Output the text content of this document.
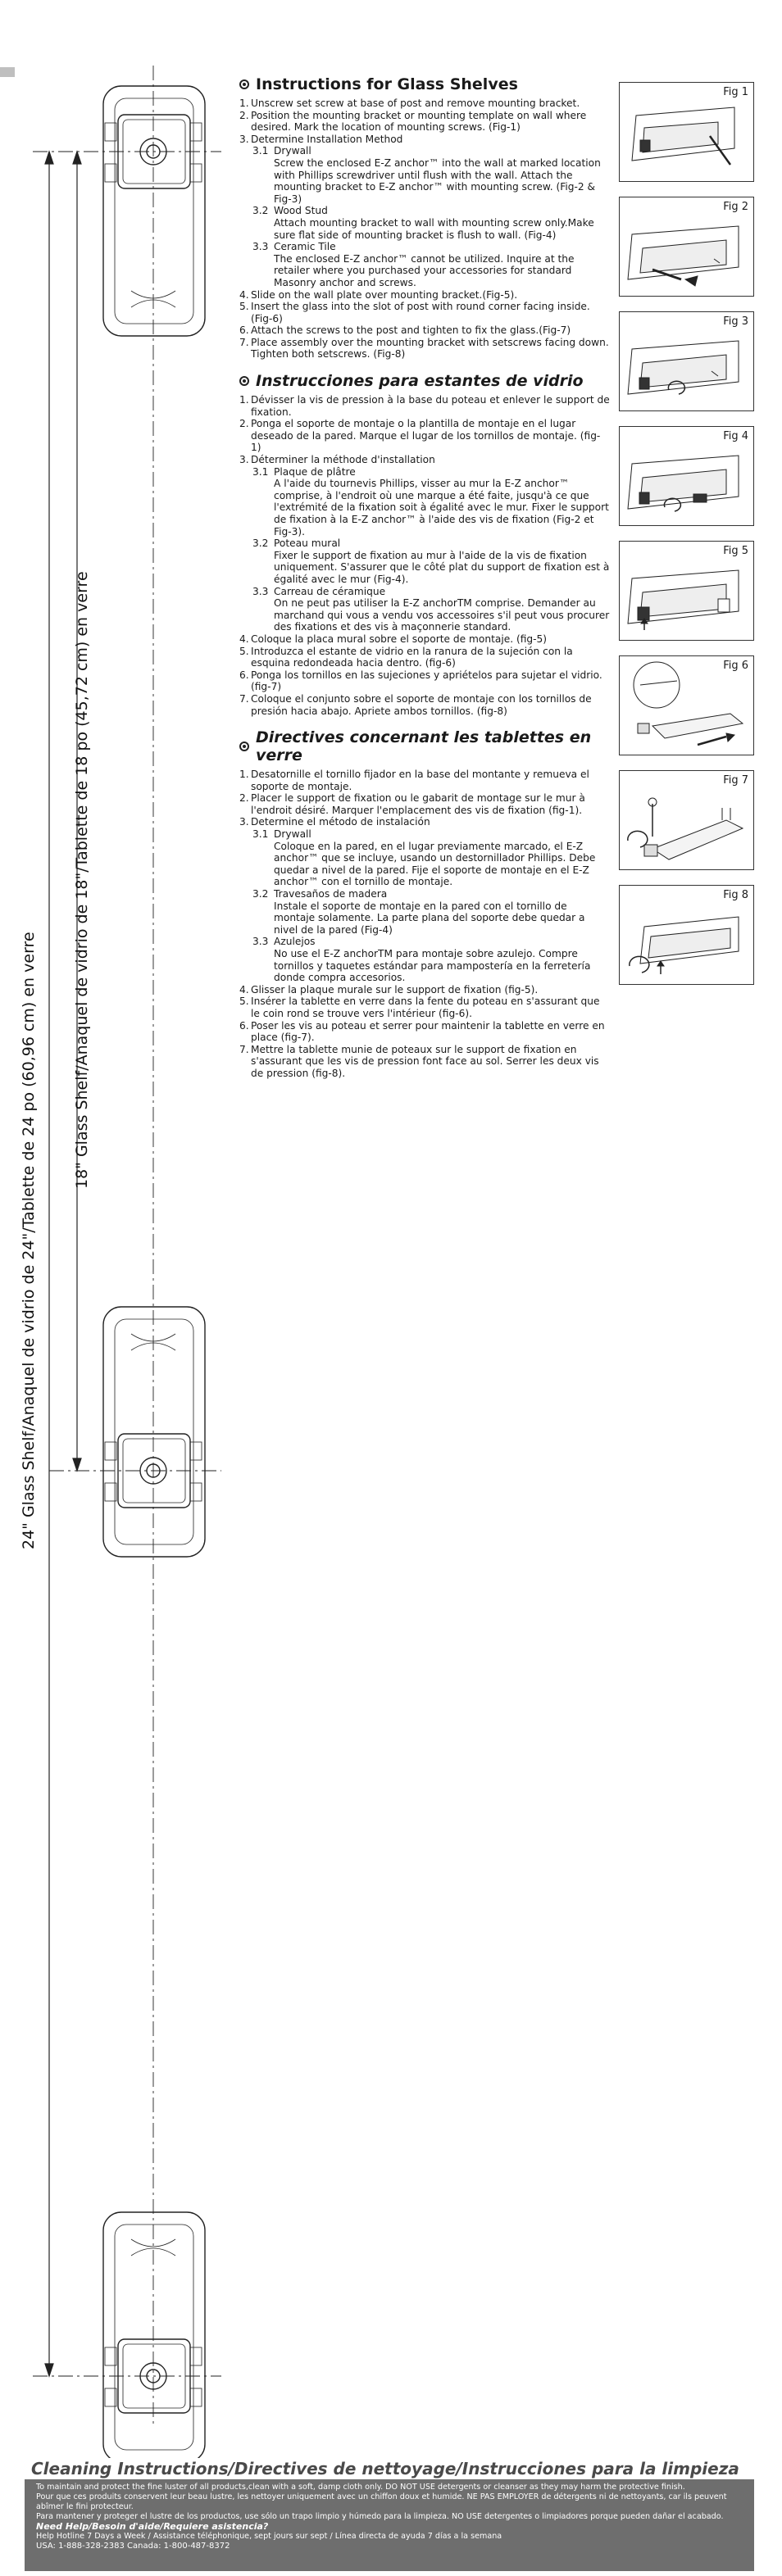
24" Glass Shelf/Anaquel de vidrio de 24"/Tablette de 24 po (60,96 cm) en verre
18" Glass Shelf/Anaquel de vidrio de 18"/Tablette de 18 po (45,72 cm) en verre
Instructions for Glass Shelves
1. Unscrew set screw at base of post and remove mounting bracket.
2. Position the mounting bracket or mounting template on wall where desired. Mark the location of mounting screws. (Fig-1)
3. Determine Installation Method
3.1 Drywall
Screw the enclosed E-Z anchor™ into the wall at marked location with Phillips screwdriver until flush with the wall. Attach the mounting bracket to E-Z anchor™ with mounting screw. (Fig-2 & Fig-3)
3.2 Wood Stud
Attach mounting bracket to wall with mounting screw only.Make sure flat side of mounting bracket is flush to wall. (Fig-4)
3.3 Ceramic Tile
The enclosed E-Z anchor™ cannot be utilized. Inquire at the retailer where you purchased your accessories for standard Masonry anchor and screws.
4. Slide on the wall plate over mounting bracket.(Fig-5).
5. Insert the glass into the slot of post with round corner facing inside.(Fig-6)
6. Attach the screws to the post and tighten to fix the glass.(Fig-7)
7. Place assembly over the mounting bracket with setscrews facing down. Tighten both setscrews. (Fig-8)
Instrucciones para estantes de vidrio
1. Dévisser la vis de pression à la base du poteau et enlever le support de fixation.
2. Ponga el soporte de montaje o la plantilla de montaje en el lugar deseado de la pared. Marque el lugar de los tornillos de montaje. (fig-1)
3. Déterminer la méthode d'installation
3.1 Plaque de plâtre
A l'aide du tournevis Phillips, visser au mur la E-Z anchor™ comprise, à l'endroit où une marque a été faite, jusqu'à ce que l'extrémité de la fixation soit à égalité avec le mur. Fixer le support de fixation à la E-Z anchor™ à l'aide des vis de fixation (Fig-2 et Fig-3).
3.2 Poteau mural
Fixer le support de fixation au mur à l'aide de la vis de fixation uniquement. S'assurer que le côté plat du support de fixation est à égalité avec le mur (Fig-4).
3.3 Carreau de céramique
On ne peut pas utiliser la E-Z anchorTM comprise. Demander au marchand qui vous a vendu vos accessoires s'il peut vous procurer des fixations et des vis à maçonnerie standard.
4. Coloque la placa mural sobre el soporte de montaje. (fig-5)
5. Introduzca el estante de vidrio en la ranura de la sujeción con la esquina redondeada hacia dentro. (fig-6)
6. Ponga los tornillos en las sujeciones y apriételos para sujetar el vidrio. (fig-7)
7. Coloque el conjunto sobre el soporte de montaje con los tornillos de presión hacia abajo. Apriete ambos tornillos. (fig-8)
Directives concernant les tablettes en verre
1. Desatornille el tornillo fijador en la base del montante y remueva el soporte de montaje.
2. Placer le support de fixation ou le gabarit de montage sur le mur à l'endroit désiré. Marquer l'emplacement des vis de fixation (fig-1).
3. Determine el método de instalación
3.1 Drywall
Coloque en la pared, en el lugar previamente marcado, el E-Z anchor™ que se incluye, usando un destornillador Phillips. Debe quedar a nivel de la pared. Fije el soporte de montaje en el E-Z anchor™ con el tornillo de montaje.
3.2 Travesaños de madera
Instale el soporte de montaje en la pared con el tornillo de montaje solamente. La parte plana del soporte debe quedar a nivel de la pared (Fig-4)
3.3 Azulejos
No use el E-Z anchorTM para montaje sobre azulejo. Compre tornillos y taquetes estándar para mampostería en la ferretería donde compra accesorios.
4. Glisser la plaque murale sur le support de fixation (fig-5).
5. Insérer la tablette en verre dans la fente du poteau en s'assurant que le coin rond se trouve vers l'intérieur (fig-6).
6. Poser les vis au poteau et serrer pour maintenir la tablette en verre en place (fig-7).
7. Mettre la tablette munie de poteaux sur le support de fixation en s'assurant que les vis de pression font face au sol. Serrer les deux vis de pression (fig-8).
Fig 1
Fig 2
Fig 3
Fig 4
Fig 5
Fig 6
Fig 7
Fig 8
Cleaning Instructions/Directives de nettoyage/Instrucciones para la limpieza
To maintain and protect the fine luster of all products,clean with a soft, damp cloth only. DO NOT USE detergents or cleanser as they may harm the protective finish.
Pour que ces produits conservent leur beau lustre, les nettoyer uniquement avec un chiffon doux et humide. NE PAS EMPLOYER de détergents ni de nettoyants, car ils peuvent abîmer le fini protecteur.
Para mantener y proteger el lustre de los productos, use sólo un trapo limpio y húmedo para la limpieza. NO USE detergentes o limpiadores porque pueden dañar el acabado.
Need Help/Besoin d'aide/Requiere asistencia?
Help Hotline 7 Days a Week / Assistance téléphonique, sept jours sur sept / Línea directa de ayuda 7 días a la semana
USA: 1-888-328-2383 Canada: 1-800-487-8372
